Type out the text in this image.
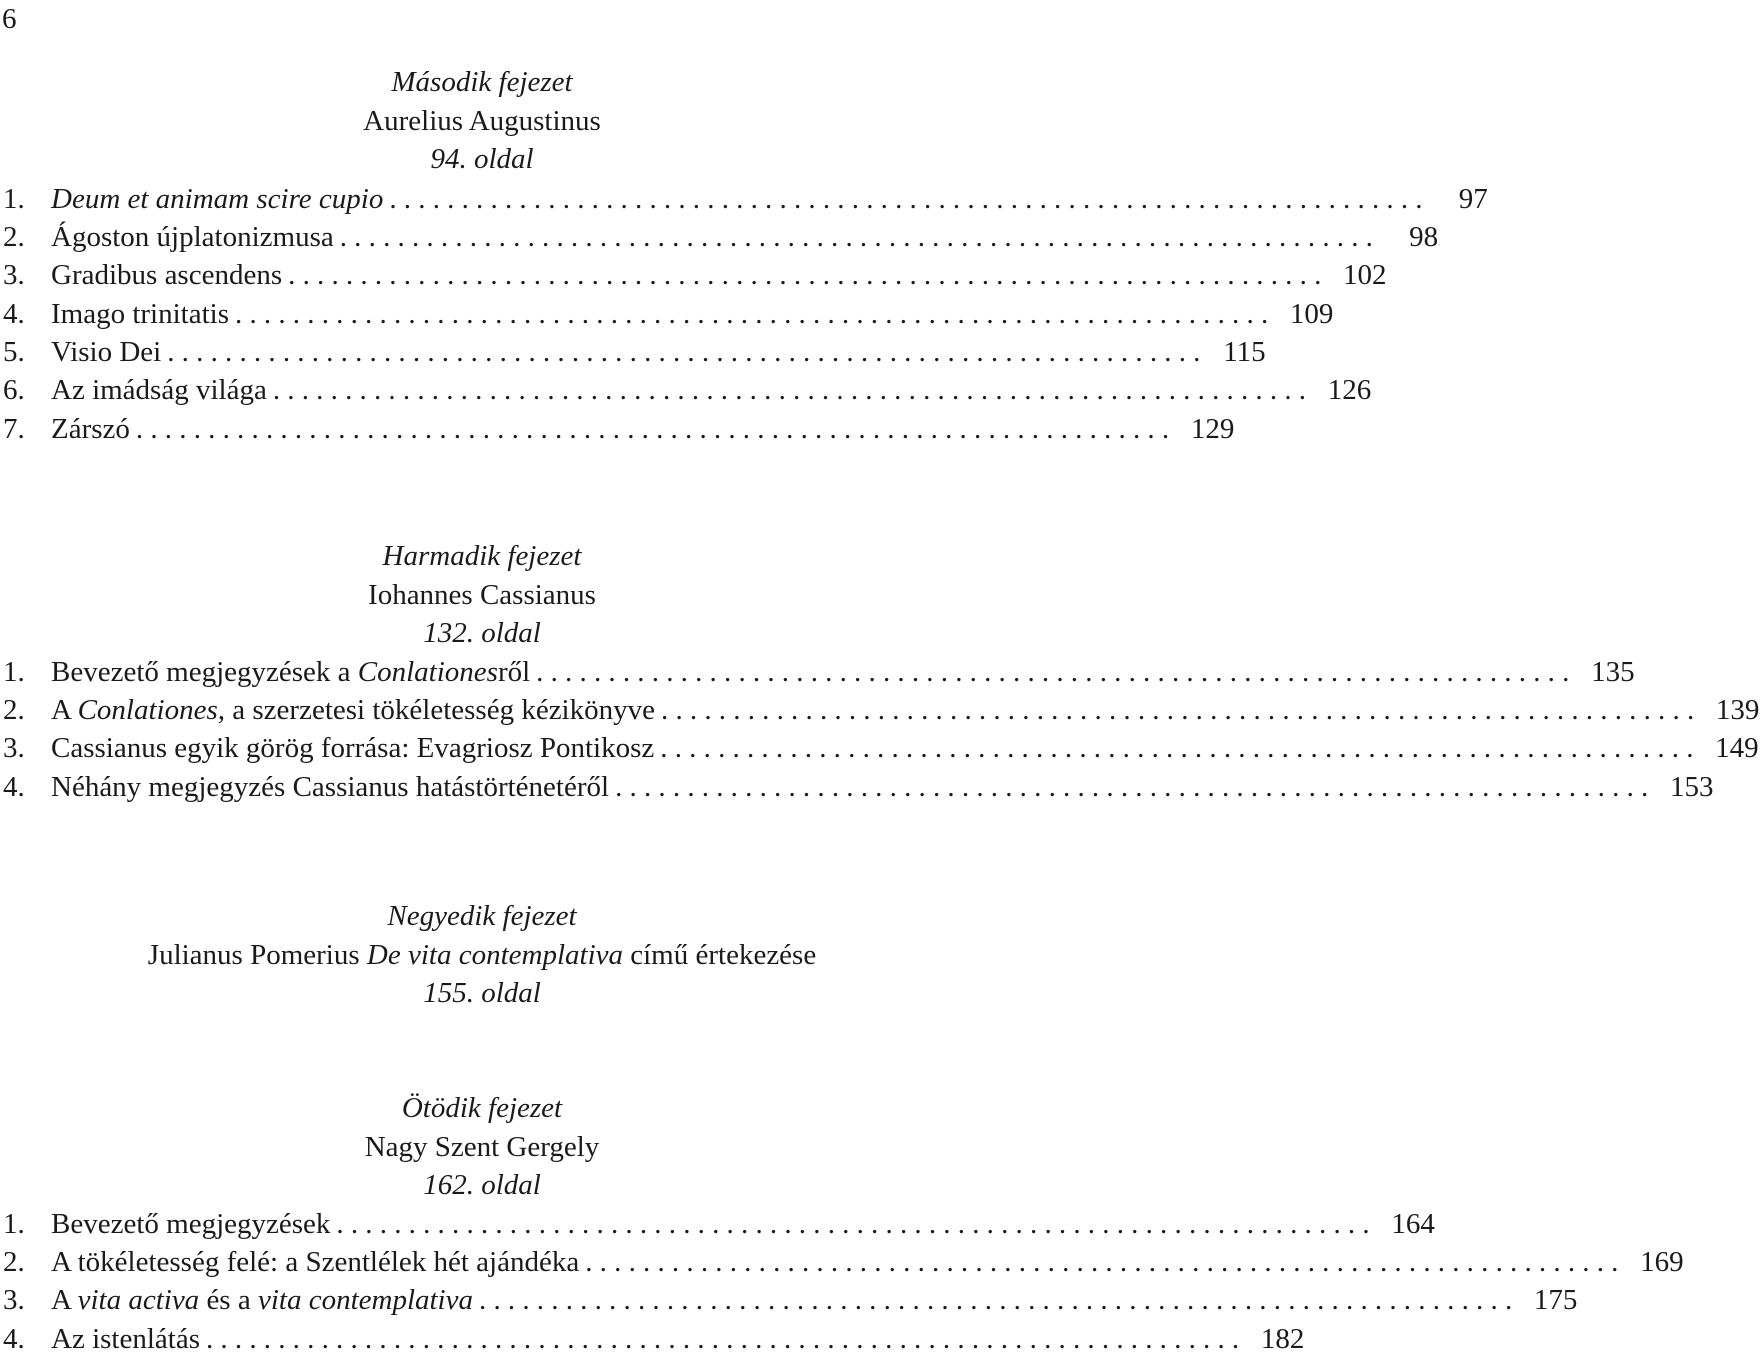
6
Második fejezet
Aurelius Augustinus
94. oldal
1. Deum et animam scire cupio ........................................................................	97
2. Ágoston újplatonizmusa ........................................................................	98
3. Gradibus ascendens ........................................................................ 102
4. Imago trinitatis ........................................................................ 109
5. Visio Dei ........................................................................ 115
6. Az imádság világa ........................................................................ 126
7. Zárszó ........................................................................ 129
Harmadik fejezet
Iohannes Cassianus
132. oldal
1. Bevezető megjegyzések a Conlationesről ........................................................................ 135
2. A Conlationes, a szerzetesi tökéletesség kézikönyve ........................................................................ 139
3. Cassianus egyik görög forrása: Evagriosz Pontikosz ........................................................................ 149
4. Néhány megjegyzés Cassianus hatástörténetéről ........................................................................ 153
Negyedik fejezet
Julianus Pomerius De vita contemplativa című értekezése
155. oldal
Ötödik fejezet
Nagy Szent Gergely
162. oldal
1. Bevezető megjegyzések ........................................................................ 164
2. A tökéletesség felé: a Szentlélek hét ajándéka ........................................................................ 169
3. A vita activa és a vita contemplativa ........................................................................ 175
4. Az istenlátás ........................................................................ 182
